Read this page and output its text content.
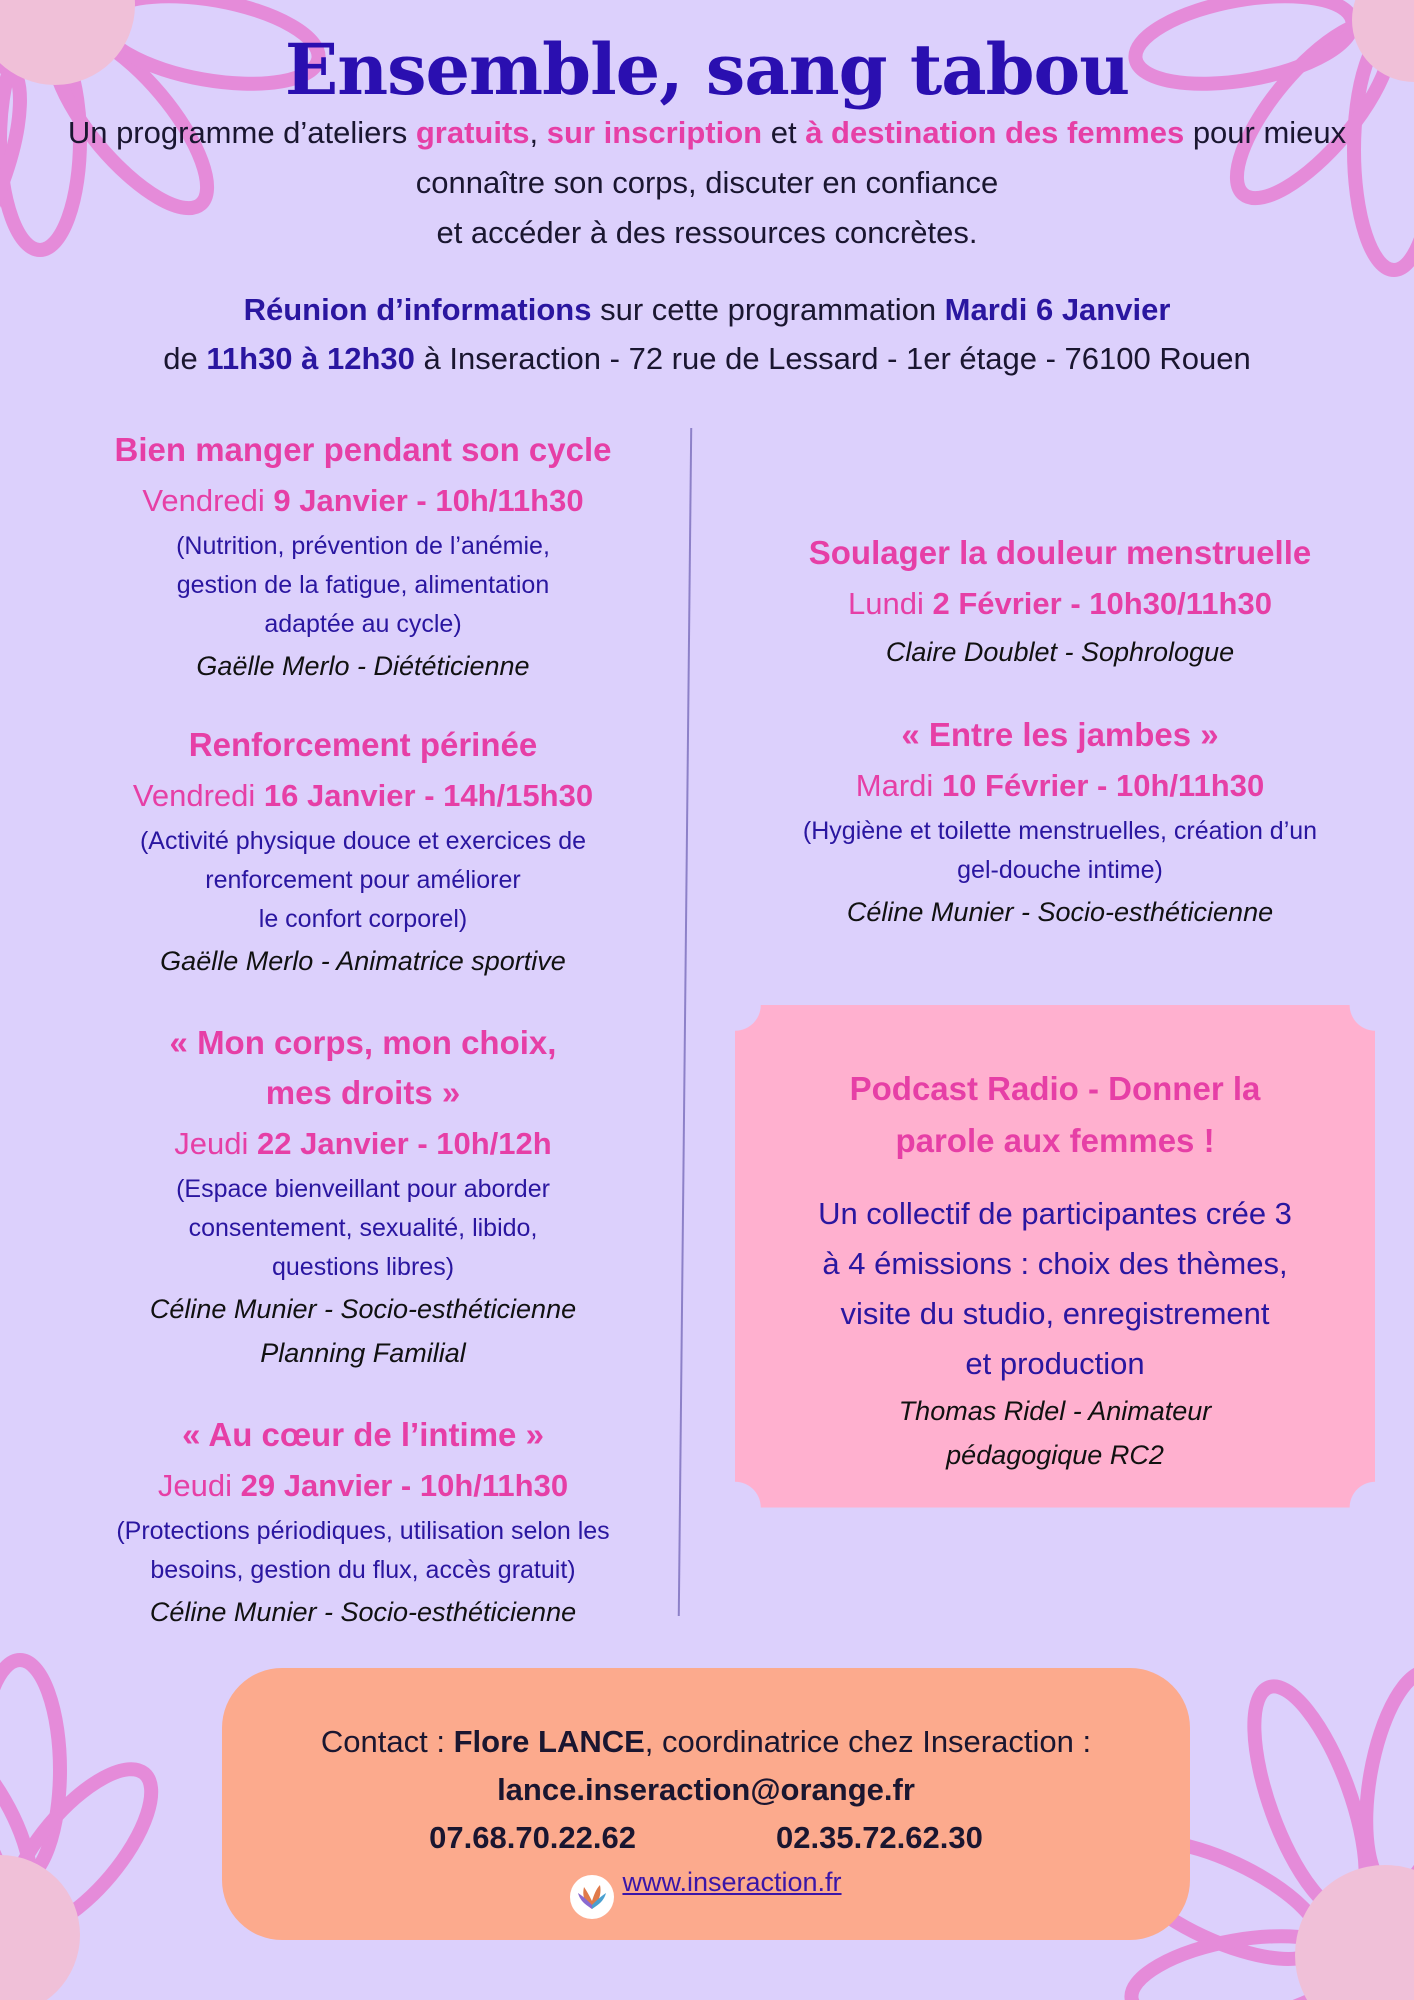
Ensemble, sang tabou
Un programme d’ateliers gratuits, sur inscription et à destination des femmes pour mieux connaître son corps, discuter en confiance
et accéder à des ressources concrètes.
Réunion d’informations sur cette programmation Mardi 6 Janvier
de 11h30 à 12h30 à Inseraction - 72 rue de Lessard - 1er étage - 76100 Rouen
Bien manger pendant son cycle
Vendredi 9 Janvier - 10h/11h30
(Nutrition, prévention de l’anémie,
gestion de la fatigue, alimentation
adaptée au cycle)
Gaëlle Merlo - Diététicienne
Renforcement périnée
Vendredi 16 Janvier - 14h/15h30
(Activité physique douce et exercices de
renforcement pour améliorer
le confort corporel)
Gaëlle Merlo - Animatrice sportive
« Mon corps, mon choix,
mes droits »
Jeudi 22 Janvier - 10h/12h
(Espace bienveillant pour aborder
consentement, sexualité, libido,
questions libres)
Céline Munier - Socio-esthéticienne
Planning Familial
« Au cœur de l’intime »
Jeudi 29 Janvier - 10h/11h30
(Protections périodiques, utilisation selon les
besoins, gestion du flux, accès gratuit)
Céline Munier - Socio-esthéticienne
Soulager la douleur menstruelle
Lundi 2 Février - 10h30/11h30
Claire Doublet - Sophrologue
« Entre les jambes »
Mardi 10 Février - 10h/11h30
(Hygiène et toilette menstruelles, création d’un
gel-douche intime)
Céline Munier - Socio-esthéticienne
Podcast Radio - Donner la
parole aux femmes !
Un collectif de participantes crée 3
à 4 émissions : choix des thèmes,
visite du studio, enregistrement
et production
Thomas Ridel - Animateur
pédagogique RC2
Contact : Flore LANCE, coordinatrice chez Inseraction :
lance.inseraction@orange.fr
07.68.70.22.62	02.35.72.62.30
www.inseraction.fr
